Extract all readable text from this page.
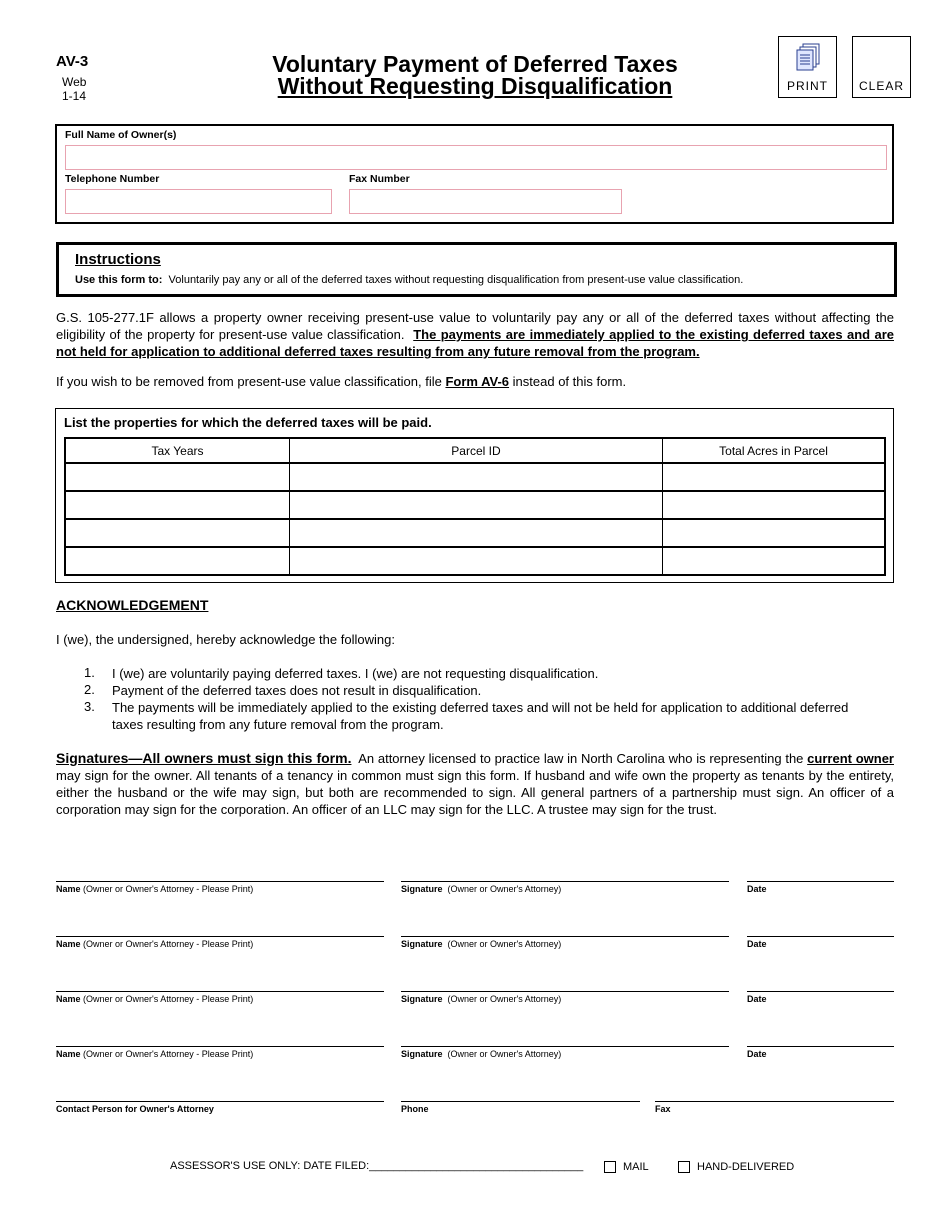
AV-3
Web
1-14
Voluntary Payment of Deferred Taxes
Without Requesting Disqualification	PRINT	CLEAR
Full Name of Owner(s)
Telephone Number	Fax Number
Instructions
Use this form to: Voluntarily pay any or all of the deferred taxes without requesting disqualification from present-use value classification.
G.S. 105-277.1F allows a property owner receiving present-use value to voluntarily pay any or all of the deferred taxes without affecting the eligibility of the property for present-use value classification. The payments are immediately applied to the existing deferred taxes and are not held for application to additional deferred taxes resulting from any future removal from the program.
If you wish to be removed from present-use value classification, file Form AV-6 instead of this form.
List the properties for which the deferred taxes will be paid.
Tax Years	Parcel ID	Total Acres in Parcel

ACKNOWLEDGEMENT
I (we), the undersigned, hereby acknowledge the following:
1. I (we) are voluntarily paying deferred taxes. I (we) are not requesting disqualification.
2. Payment of the deferred taxes does not result in disqualification.
3. The payments will be immediately applied to the existing deferred taxes and will not be held for application to additional deferred taxes resulting from any future removal from the program.
Signatures—All owners must sign this form. An attorney licensed to practice law in North Carolina who is representing the current owner may sign for the owner. All tenants of a tenancy in common must sign this form. If husband and wife own the property as tenants by the entirety, either the husband or the wife may sign, but both are recommended to sign. All general partners of a partnership must sign. An officer of a corporation may sign for the corporation. An officer of an LLC may sign for the LLC. A trustee may sign for the trust.
Name (Owner or Owner's Attorney - Please Print)	Signature (Owner or Owner's Attorney)	Date
Name (Owner or Owner's Attorney - Please Print)	Signature (Owner or Owner's Attorney)	Date
Name (Owner or Owner's Attorney - Please Print)	Signature (Owner or Owner's Attorney)	Date
Name (Owner or Owner's Attorney - Please Print)	Signature (Owner or Owner's Attorney)	Date
Contact Person for Owner's Attorney	Phone	Fax
ASSESSOR'S USE ONLY: DATE FILED:___________________________________	MAIL	HAND-DELIVERED
